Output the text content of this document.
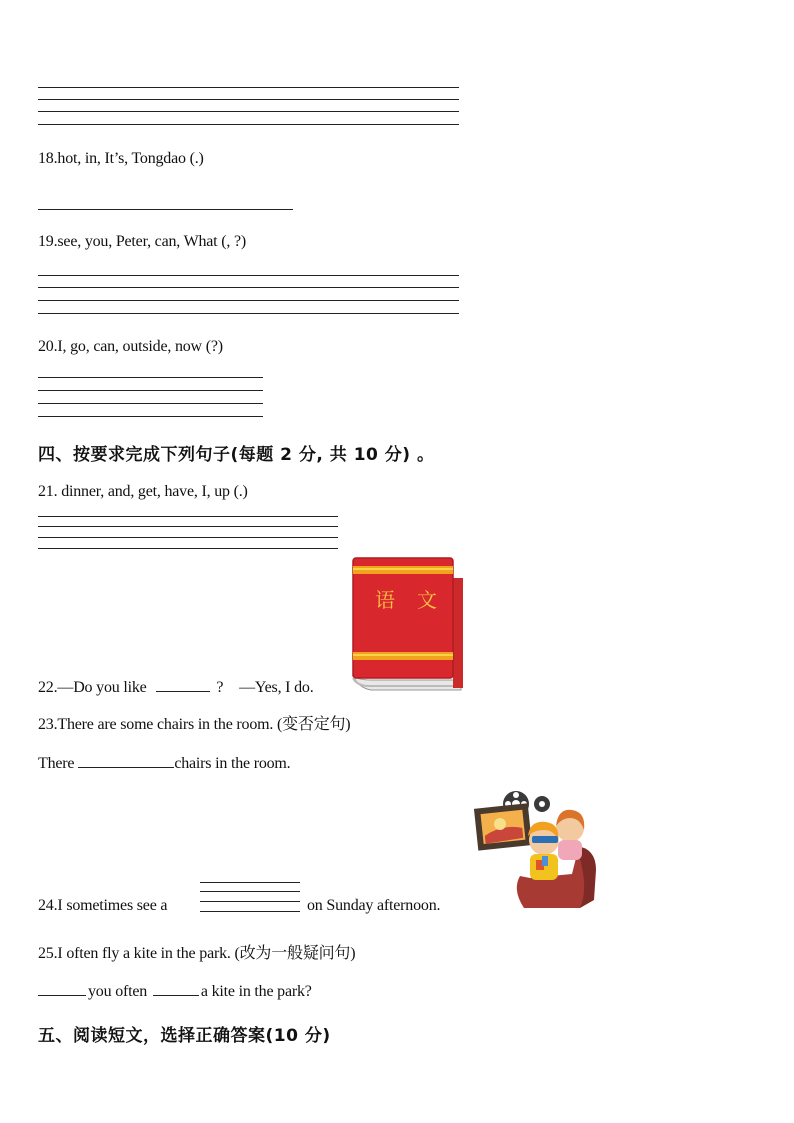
18.hot, in, It’s, Tongdao (.)
19.see, you, Peter, can, What (, ?)
20.I, go, can, outside, now (?)
四、按要求完成下列句子(每题 2 分, 共 10 分) 。
21. dinner, and, get, have, I, up (.)
语 文
22.—Do you like	? —Yes, I do.
23.There are some chairs in the room. (变否定句)
There	chairs in the room.
24.I sometimes see a	on Sunday afternoon.
25.I often fly a kite in the park. (改为一般疑问句)
you often	a kite in the park?
五、阅读短文，选择正确答案(10 分)
